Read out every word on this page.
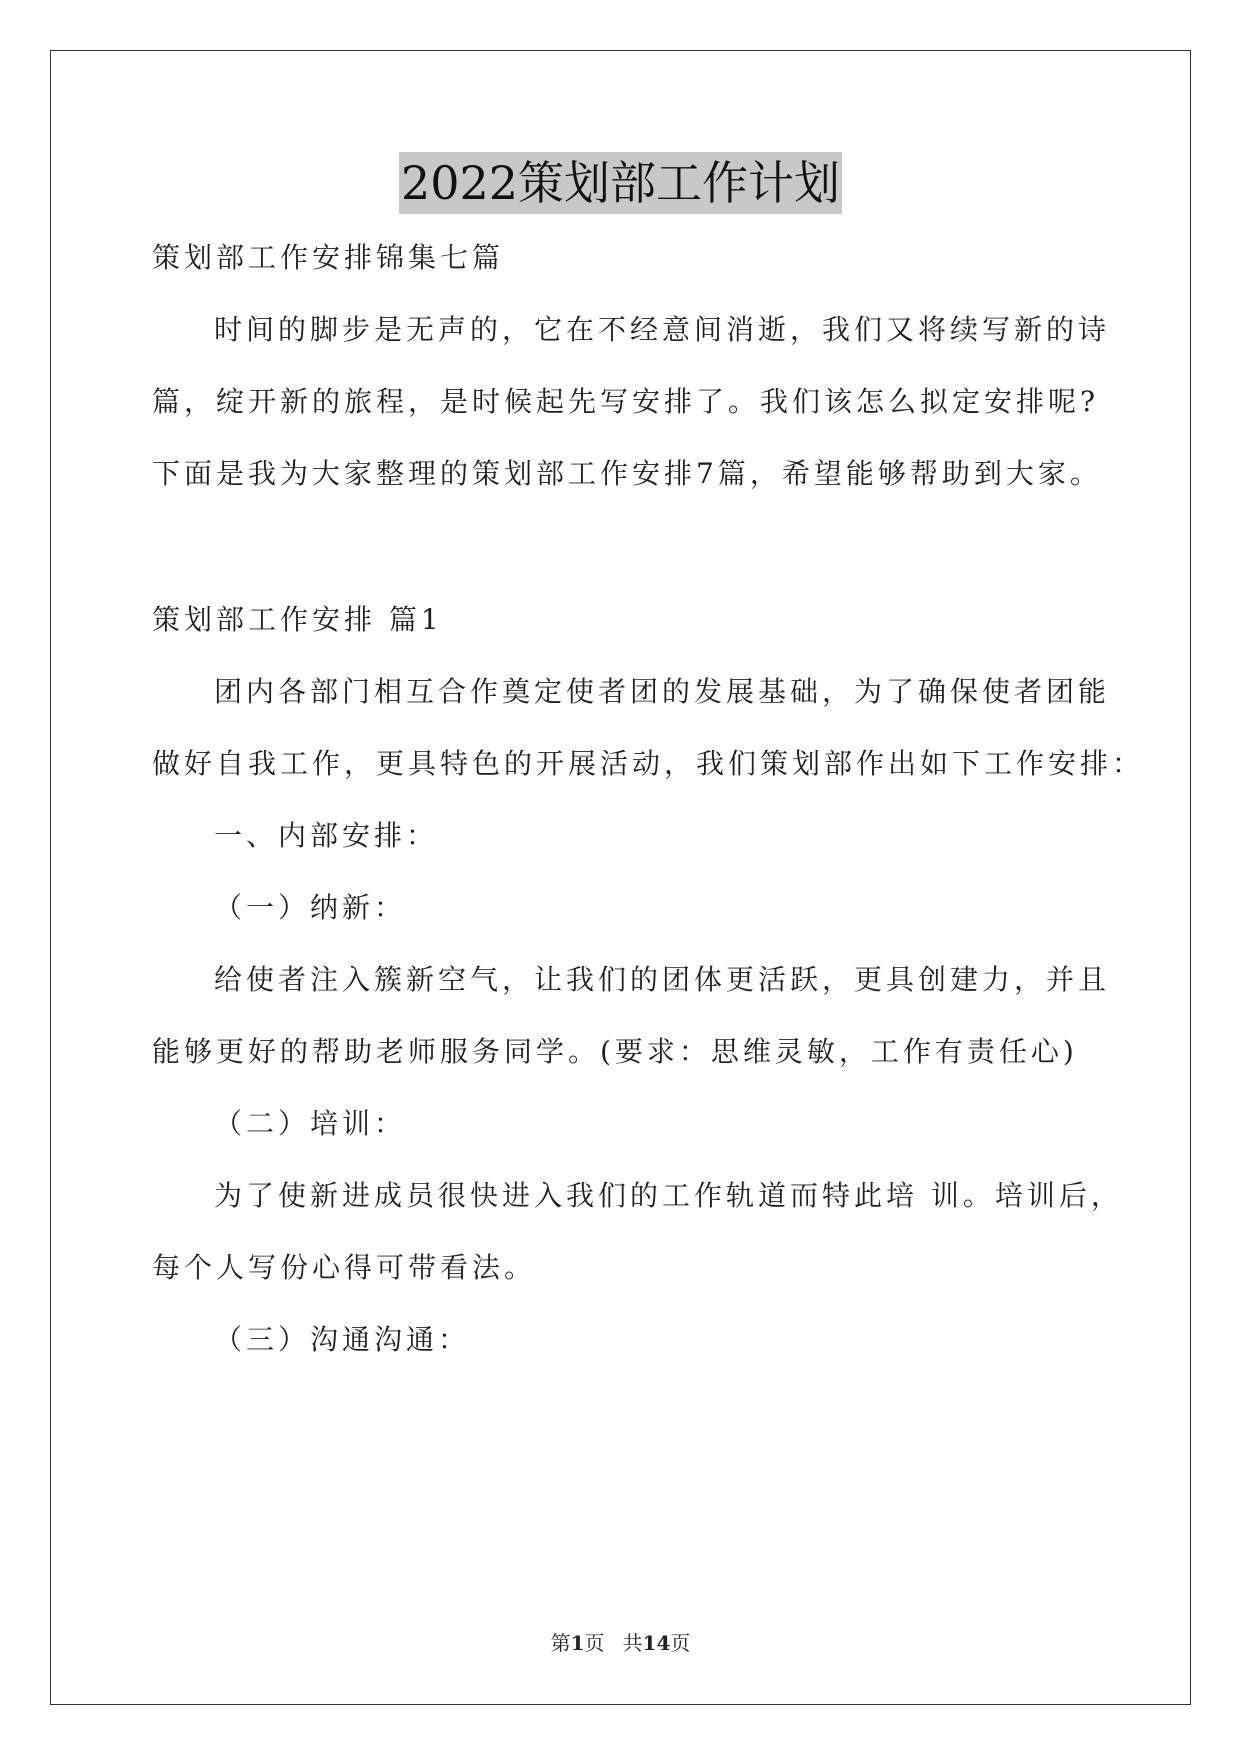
2022策划部工作计划
策划部工作安排锦集七篇
时间的脚步是无声的，它在不经意间消逝，我们又将续写新的诗
篇，绽开新的旅程，是时候起先写安排了。我们该怎么拟定安排呢?
下面是我为大家整理的策划部工作安排7篇，希望能够帮助到大家。
策划部工作安排 篇1
团内各部门相互合作奠定使者团的发展基础，为了确保使者团能
做好自我工作，更具特色的开展活动，我们策划部作出如下工作安排：
一、内部安排：
（一）纳新：
给使者注入簇新空气，让我们的团体更活跃，更具创建力，并且
能够更好的帮助老师服务同学。(要求：思维灵敏，工作有责任心)
（二）培训：
为了使新进成员很快进入我们的工作轨道而特此培 训。培训后，
每个人写份心得可带看法。
（三）沟通沟通：
第1页 共14页
